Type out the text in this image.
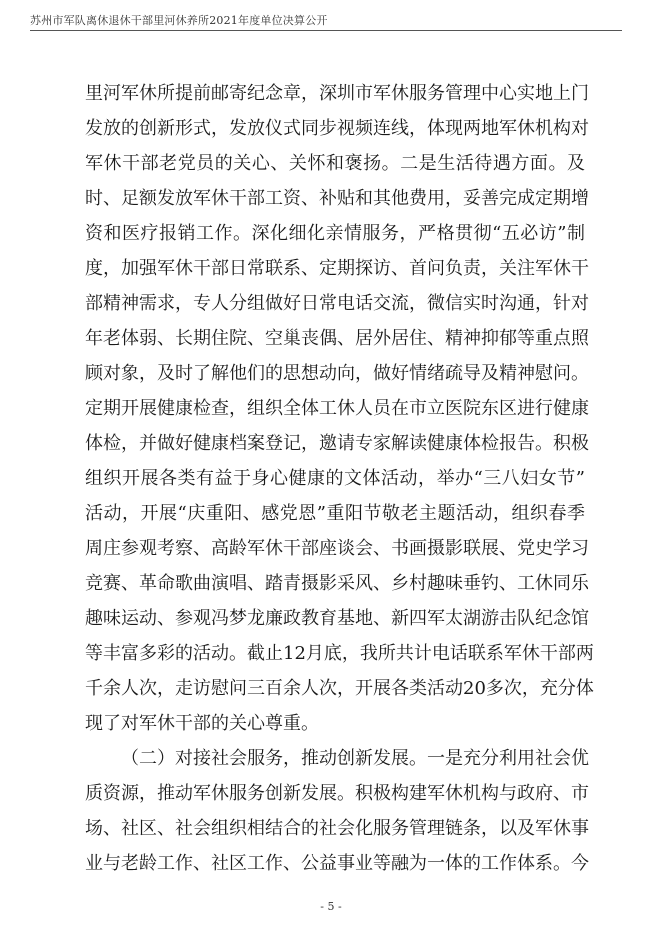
苏州市军队离休退休干部里河休养所2021年度单位决算公开
里河军休所提前邮寄纪念章，深圳市军休服务管理中心实地上门
发放的创新形式，发放仪式同步视频连线，体现两地军休机构对
军休干部老党员的关心、关怀和褒扬。二是生活待遇方面。及
时、足额发放军休干部工资、补贴和其他费用，妥善完成定期增
资和医疗报销工作。深化细化亲情服务，严格贯彻“五必访”制
度，加强军休干部日常联系、定期探访、首问负责，关注军休干
部精神需求，专人分组做好日常电话交流，微信实时沟通，针对
年老体弱、长期住院、空巢丧偶、居外居住、精神抑郁等重点照
顾对象，及时了解他们的思想动向，做好情绪疏导及精神慰问。
定期开展健康检查，组织全体工休人员在市立医院东区进行健康
体检，并做好健康档案登记，邀请专家解读健康体检报告。积极
组织开展各类有益于身心健康的文体活动，举办“三八妇女节”
活动，开展“庆重阳、感党恩”重阳节敬老主题活动，组织春季
周庄参观考察、高龄军休干部座谈会、书画摄影联展、党史学习
竞赛、革命歌曲演唱、踏青摄影采风、乡村趣味垂钓、工休同乐
趣味运动、参观冯梦龙廉政教育基地、新四军太湖游击队纪念馆
等丰富多彩的活动。截止12月底，我所共计电话联系军休干部两
千余人次，走访慰问三百余人次，开展各类活动20多次，充分体
现了对军休干部的关心尊重。
（二）对接社会服务，推动创新发展。一是充分利用社会优
质资源，推动军休服务创新发展。积极构建军休机构与政府、市
场、社区、社会组织相结合的社会化服务管理链条，以及军休事
业与老龄工作、社区工作、公益事业等融为一体的工作体系。今
- 5 -
